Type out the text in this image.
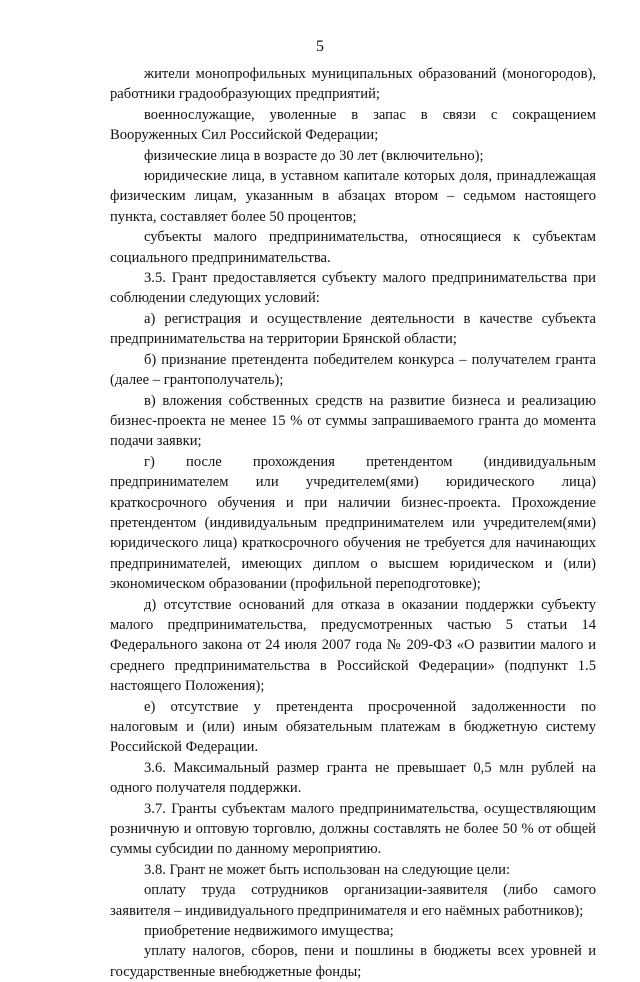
5

жители монопрофильных муниципальных образований (моногородов), работники градообразующих предприятий;

военнослужащие, уволенные в запас в связи с сокращением Вооруженных Сил Российской Федерации;

физические лица в возрасте до 30 лет (включительно);

юридические лица, в уставном капитале которых доля, принадлежащая физическим лицам, указанным в абзацах втором – седьмом настоящего пункта, составляет более 50 процентов;

субъекты малого предпринимательства, относящиеся к субъектам социального предпринимательства.

3.5. Грант предоставляется субъекту малого предпринимательства при соблюдении следующих условий:

а) регистрация и осуществление деятельности в качестве субъекта предпринимательства на территории Брянской области;

б) признание претендента победителем конкурса – получателем гранта (далее – грантополучатель);

в) вложения собственных средств на развитие бизнеса и реализацию бизнес-проекта не менее 15 % от суммы запрашиваемого гранта до момента подачи заявки;

г) после прохождения претендентом (индивидуальным предпринимателем или учредителем(ями) юридического лица) краткосрочного обучения и при наличии бизнес-проекта. Прохождение претендентом (индивидуальным предпринимателем или учредителем(ями) юридического лица) краткосрочного обучения не требуется для начинающих предпринимателей, имеющих диплом о высшем юридическом и (или) экономическом образовании (профильной переподготовке);

д) отсутствие оснований для отказа в оказании поддержки субъекту малого предпринимательства, предусмотренных частью 5 статьи 14 Федерального закона от 24 июля 2007 года № 209-ФЗ «О развитии малого и среднего предпринимательства в Российской Федерации» (подпункт 1.5 настоящего Положения);

е) отсутствие у претендента просроченной задолженности по налоговым и (или) иным обязательным платежам в бюджетную систему Российской Федерации.

3.6. Максимальный размер гранта не превышает 0,5 млн рублей на одного получателя поддержки.

3.7. Гранты субъектам малого предпринимательства, осуществляющим розничную и оптовую торговлю, должны составлять не более 50 % от общей суммы субсидии по данному мероприятию.

3.8. Грант не может быть использован на следующие цели:

оплату труда сотрудников организации-заявителя (либо самого заявителя – индивидуального предпринимателя и его наёмных работников);

приобретение недвижимого имущества;

уплату налогов, сборов, пени и пошлины в бюджеты всех уровней и государственные внебюджетные фонды;
